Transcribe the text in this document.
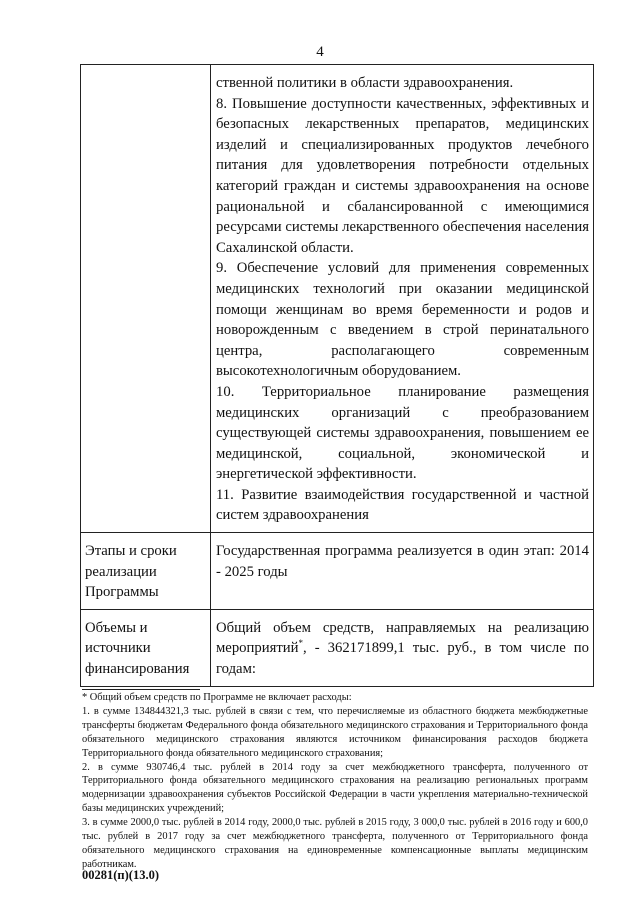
4

	ственной политики в области здравоохранения.

8. Повышение доступности качественных, эффективных и безопасных лекарственных препаратов, медицинских изделий и специализированных продуктов лечебного питания для удовлетворения потребности отдельных категорий граждан и системы здравоохранения на основе рациональной и сбалансированной с имеющимися ресурсами системы лекарственного обеспечения населения Сахалинской области.

9. Обеспечение условий для применения современных медицинских технологий при оказании медицинской помощи женщинам во время беременности и родов и новорожденным с введением в строй перинатального центра, располагающего современным высокотехнологичным оборудованием.

10. Территориальное планирование размещения медицинских организаций с преобразованием существующей системы здравоохранения, повышением ее медицинской, социальной, экономической и энергетической эффективности.

11. Развитие взаимодействия государственной и частной систем здравоохранения

Этапы и сроки реализации Программы	Государственная программа реализуется в один этап: 2014 - 2025 годы
Объемы и источники финансирования	Общий объем средств, направляемых на реализацию мероприятий*, - 362171899,1 тыс. руб., в том числе по годам:

* Общий объем средств по Программе не включает расходы:

1. в сумме 134844321,3 тыс. рублей в связи с тем, что перечисляемые из областного бюджета межбюджетные трансферты бюджетам Федерального фонда обязательного медицинского страхования и Территориального фонда обязательного медицинского страхования являются источником финансирования расходов бюджета Территориального фонда обязательного медицинского страхования;

2. в сумме 930746,4 тыс. рублей в 2014 году за счет межбюджетного трансферта, полученного от Территориального фонда обязательного медицинского страхования на реализацию региональных программ модернизации здравоохранения субъектов Российской Федерации в части укрепления материально-технической базы медицинских учреждений;

3. в сумме 2000,0 тыс. рублей в 2014 году, 2000,0 тыс. рублей в 2015 году, 3 000,0 тыс. рублей в 2016 году и 600,0 тыс. рублей в 2017 году за счет межбюджетного трансферта, полученного от Территориального фонда обязательного медицинского страхования на единовременные компенсационные выплаты медицинским работникам.

00281(п)(13.0)
